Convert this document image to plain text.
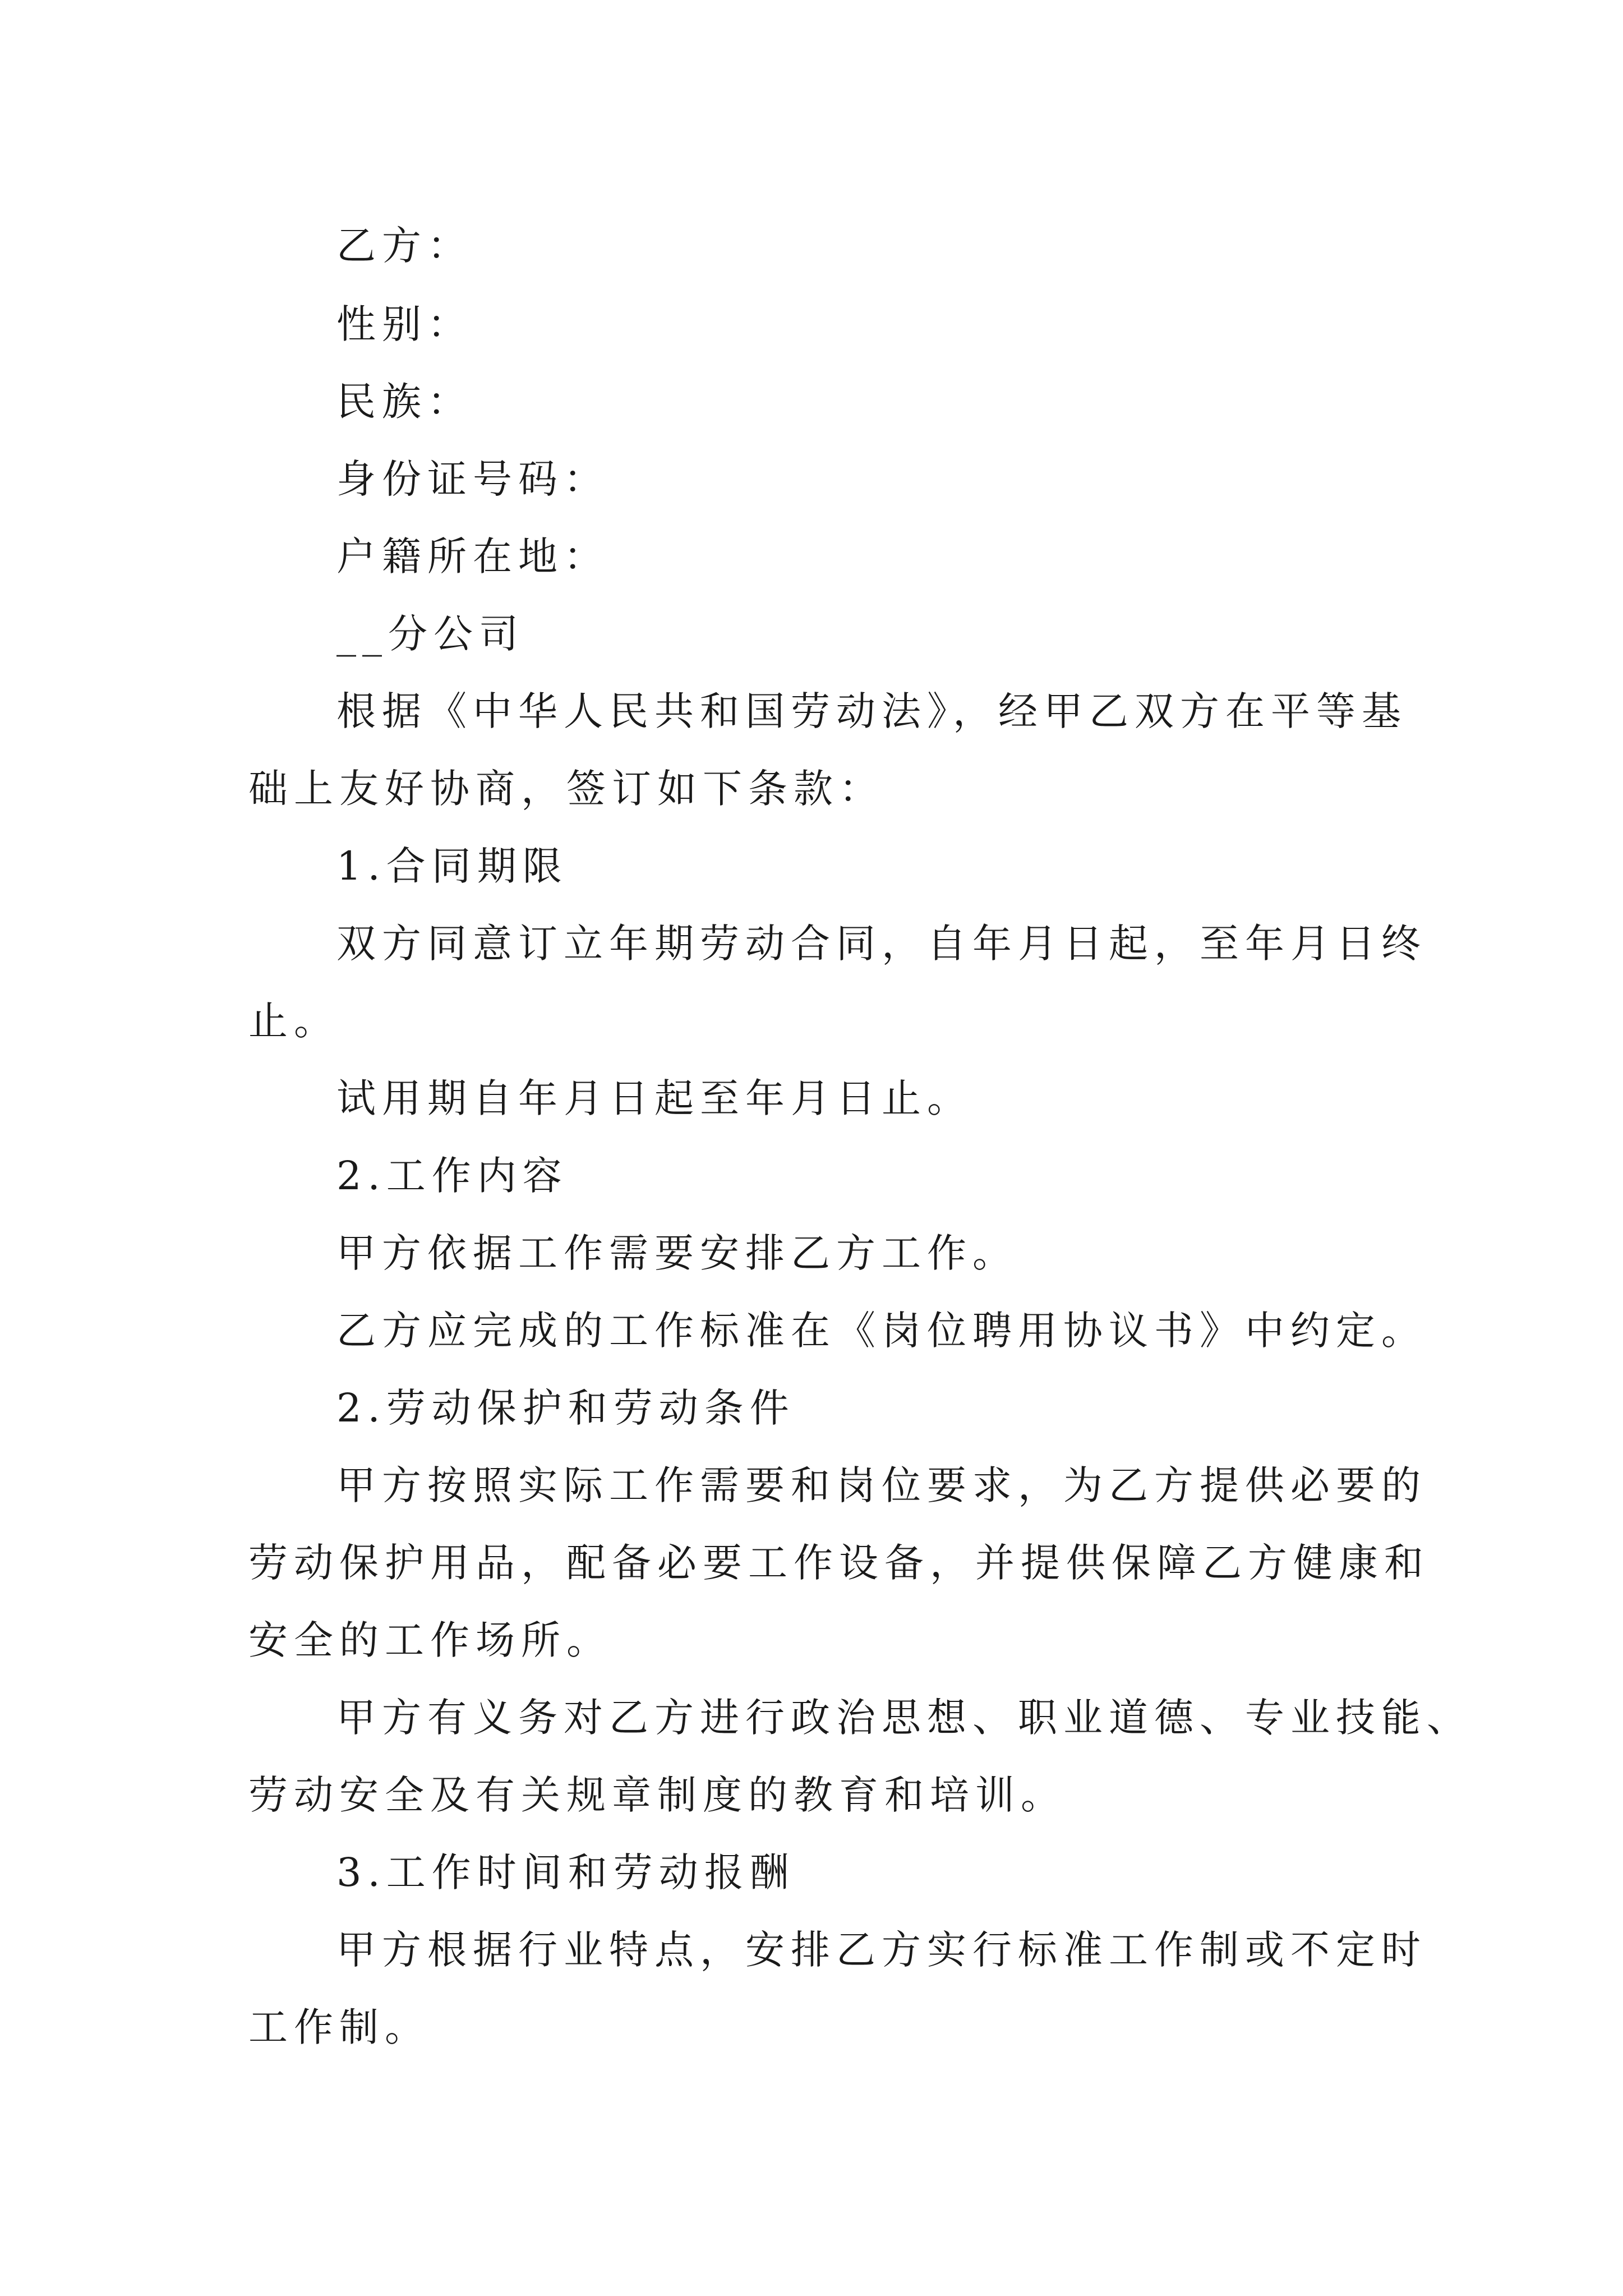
乙方：
性别：
民族：
身份证号码：
户籍所在地：
__分公司
根据《中华人民共和国劳动法》，经甲乙双方在平等基
础上友好协商，签订如下条款：
1.合同期限
双方同意订立年期劳动合同，自年月日起，至年月日终
止。
试用期自年月日起至年月日止。
2.工作内容
甲方依据工作需要安排乙方工作。
乙方应完成的工作标准在《岗位聘用协议书》中约定。
2.劳动保护和劳动条件
甲方按照实际工作需要和岗位要求，为乙方提供必要的
劳动保护用品，配备必要工作设备，并提供保障乙方健康和
安全的工作场所。
甲方有义务对乙方进行政治思想、职业道德、专业技能、
劳动安全及有关规章制度的教育和培训。
3.工作时间和劳动报酬
甲方根据行业特点，安排乙方实行标准工作制或不定时
工作制。
